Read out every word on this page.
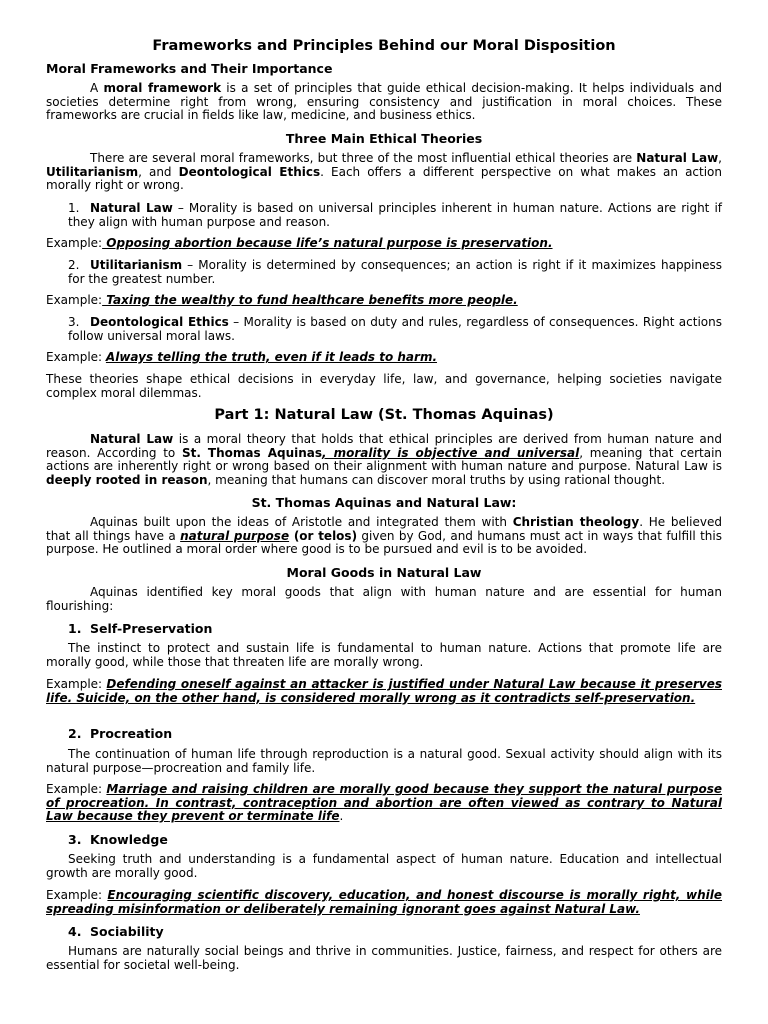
Frameworks and Principles Behind our Moral Disposition
Moral Frameworks and Their Importance

A moral framework is a set of principles that guide ethical decision-making. It helps individuals and societies determine right from wrong, ensuring consistency and justification in moral choices. These frameworks are crucial in fields like law, medicine, and business ethics.

Three Main Ethical Theories

There are several moral frameworks, but three of the most influential ethical theories are Natural Law, Utilitarianism, and Deontological Ethics. Each offers a different perspective on what makes an action morally right or wrong.

1. Natural Law – Morality is based on universal principles inherent in human nature. Actions are right if they align with human purpose and reason.

Example: Opposing abortion because life’s natural purpose is preservation.

2. Utilitarianism – Morality is determined by consequences; an action is right if it maximizes happiness for the greatest number.

Example: Taxing the wealthy to fund healthcare benefits more people.

3. Deontological Ethics – Morality is based on duty and rules, regardless of consequences. Right actions follow universal moral laws.

Example: Always telling the truth, even if it leads to harm.

These theories shape ethical decisions in everyday life, law, and governance, helping societies navigate complex moral dilemmas.

Part 1: Natural Law (St. Thomas Aquinas)

Natural Law is a moral theory that holds that ethical principles are derived from human nature and reason. According to St. Thomas Aquinas, morality is objective and universal, meaning that certain actions are inherently right or wrong based on their alignment with human nature and purpose. Natural Law is deeply rooted in reason, meaning that humans can discover moral truths by using rational thought.

St. Thomas Aquinas and Natural Law:

Aquinas built upon the ideas of Aristotle and integrated them with Christian theology. He believed that all things have a natural purpose (or telos) given by God, and humans must act in ways that fulfill this purpose. He outlined a moral order where good is to be pursued and evil is to be avoided.

Moral Goods in Natural Law

Aquinas identified key moral goods that align with human nature and are essential for human flourishing:

1. Self-Preservation

The instinct to protect and sustain life is fundamental to human nature. Actions that promote life are morally good, while those that threaten life are morally wrong.

Example: Defending oneself against an attacker is justified under Natural Law because it preserves life. Suicide, on the other hand, is considered morally wrong as it contradicts self-preservation.

2. Procreation

The continuation of human life through reproduction is a natural good. Sexual activity should align with its natural purpose—procreation and family life.

Example: Marriage and raising children are morally good because they support the natural purpose of procreation. In contrast, contraception and abortion are often viewed as contrary to Natural Law because they prevent or terminate life.

3. Knowledge

Seeking truth and understanding is a fundamental aspect of human nature. Education and intellectual growth are morally good.

Example: Encouraging scientific discovery, education, and honest discourse is morally right, while spreading misinformation or deliberately remaining ignorant goes against Natural Law.

4. Sociability

Humans are naturally social beings and thrive in communities. Justice, fairness, and respect for others are essential for societal well-being.
